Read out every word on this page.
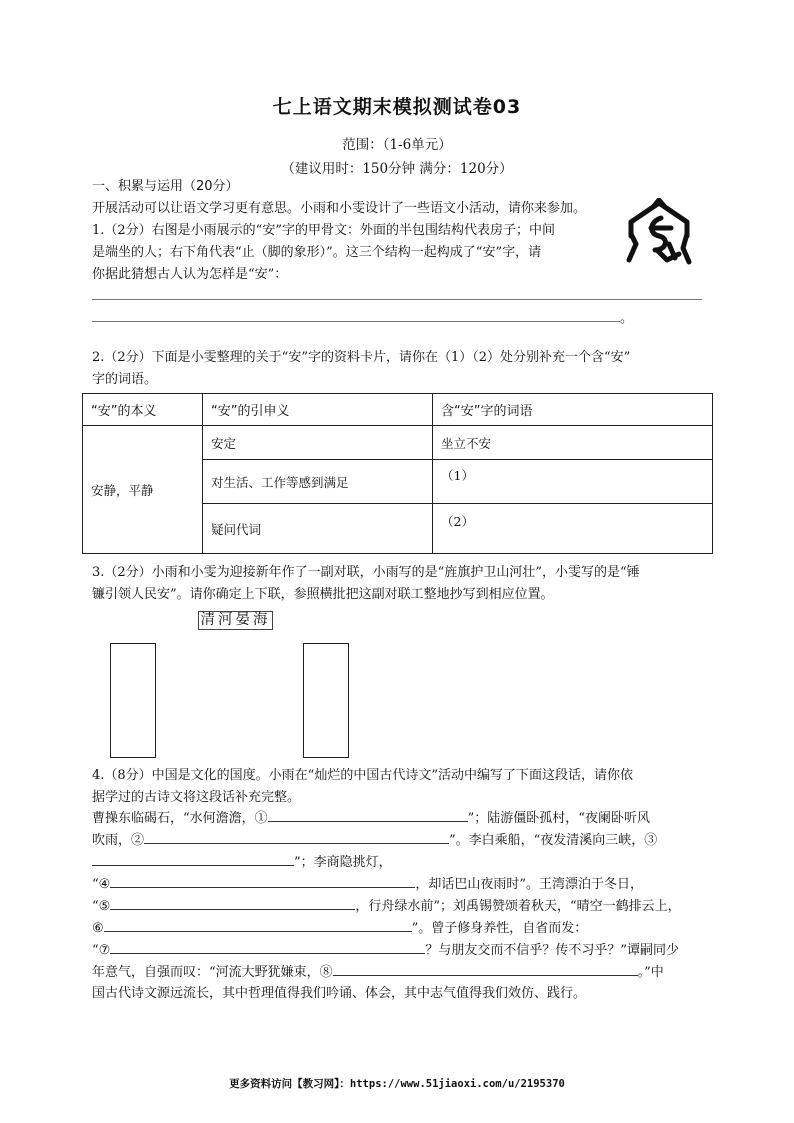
七上语文期末模拟测试卷03
范围：（1-6单元）
（建议用时：150分钟 满分：120分）
一、积累与运用（20分）
开展活动可以让语文学习更有意思。小雨和小雯设计了一些语文小活动，请你来参加。
1.（2分）右图是小雨展示的“安”字的甲骨文：外面的半包围结构代表房子；中间
是端坐的人；右下角代表“止（脚的象形）”。这三个结构一起构成了“安”字，请
你据此猜想古人认为怎样是“安”：
。
2.（2分）下面是小雯整理的关于“安”字的资料卡片，请你在（1）（2）处分别补充一个含“安”
字的词语。
“安”的本义	“安”的引申义	含“安”字的词语
安静，平静	安定	坐立不安
	对生活、工作等感到满足	（1）
	疑问代词	（2）
3.（2分）小雨和小雯为迎接新年作了一副对联，小雨写的是“旌旗护卫山河壮”，小雯写的是“锤
镰引领人民安”。请你确定上下联，参照横批把这副对联工整地抄写到相应位置。
清河晏海
4.（8分）中国是文化的国度。小雨在“灿烂的中国古代诗文”活动中编写了下面这段话，请你依
据学过的古诗文将这段话补充完整。
曹操东临碣石，“水何澹澹，①	”；陆游僵卧孤村，“夜阑卧听风
吹雨，②	”。李白乘船，“夜发清溪向三峡，③
”；李商隐挑灯，
“④	，却话巴山夜雨时”。王湾漂泊于冬日，
“⑤	，行舟绿水前”；刘禹锡赞颂着秋天，“晴空一鹤排云上，
⑥	”。曾子修身养性，自省而发：
“⑦	？与朋友交而不信乎？传不习乎？”谭嗣同少
年意气，自强而叹：“河流大野犹嫌束，⑧	。”中
国古代诗文源远流长，其中哲理值得我们吟诵、体会，其中志气值得我们效仿、践行。
更多资料访问【教习网】：https://www.51jiaoxi.com/u/2195370
